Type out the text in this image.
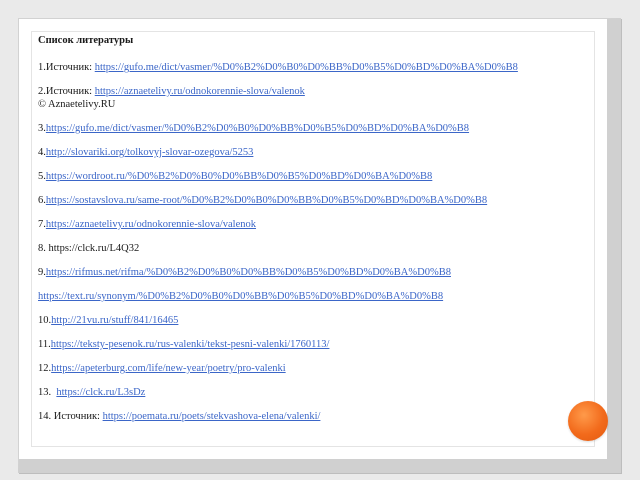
Список литературы
1.Источник: https://gufo.me/dict/vasmer/%D0%B2%D0%B0%D0%BB%D0%B5%D0%BD%D0%BA%D0%B8
2.Источник: https://aznaetelivy.ru/odnokorennie-slova/valenok
© Aznaetelivy.RU
3.https://gufo.me/dict/vasmer/%D0%B2%D0%B0%D0%BB%D0%B5%D0%BD%D0%BA%D0%B8
4.http://slovariki.org/tolkovyj-slovar-ozegova/5253
5.https://wordroot.ru/%D0%B2%D0%B0%D0%BB%D0%B5%D0%BD%D0%BA%D0%B8
6.https://sostavslova.ru/same-root/%D0%B2%D0%B0%D0%BB%D0%B5%D0%BD%D0%BA%D0%B8
7.https://aznaetelivy.ru/odnokorennie-slova/valenok
8. https://clck.ru/L4Q32
9.https://rifmus.net/rifma/%D0%B2%D0%B0%D0%BB%D0%B5%D0%BD%D0%BA%D0%B8
https://text.ru/synonym/%D0%B2%D0%B0%D0%BB%D0%B5%D0%BD%D0%BA%D0%B8
10.http://21vu.ru/stuff/841/16465
11.https://teksty-pesenok.ru/rus-valenki/tekst-pesni-valenki/1760113/
12.https://apeterburg.com/life/new-year/poetry/pro-valenki
13.  https://clck.ru/L3sDz
14. Источник: https://poemata.ru/poets/stekvashova-elena/valenki/
